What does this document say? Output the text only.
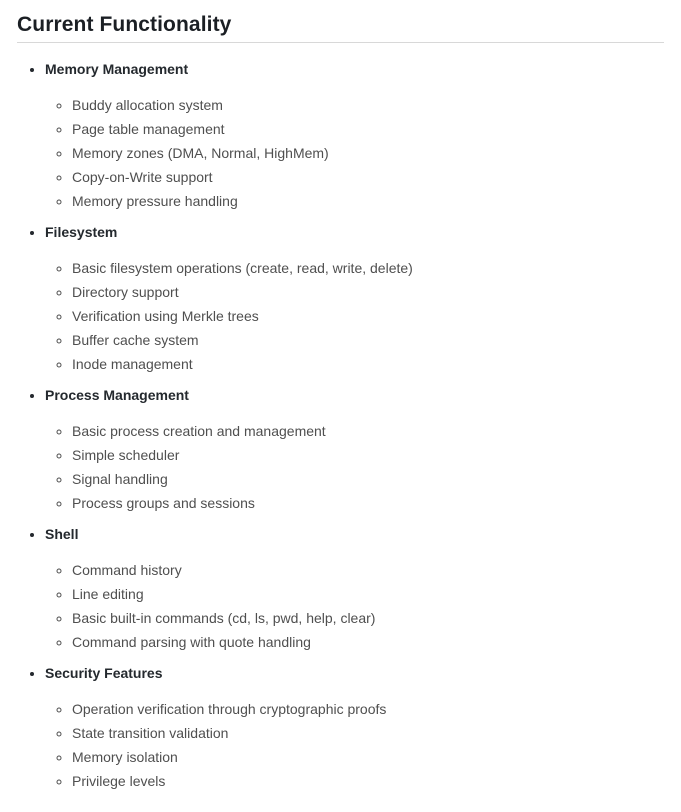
Current Functionality
• Memory Management
◦ Buddy allocation system
◦ Page table management
◦ Memory zones (DMA, Normal, HighMem)
◦ Copy-on-Write support
◦ Memory pressure handling
• Filesystem
◦ Basic filesystem operations (create, read, write, delete)
◦ Directory support
◦ Verification using Merkle trees
◦ Buffer cache system
◦ Inode management
• Process Management
◦ Basic process creation and management
◦ Simple scheduler
◦ Signal handling
◦ Process groups and sessions
• Shell
◦ Command history
◦ Line editing
◦ Basic built-in commands (cd, ls, pwd, help, clear)
◦ Command parsing with quote handling
• Security Features
◦ Operation verification through cryptographic proofs
◦ State transition validation
◦ Memory isolation
◦ Privilege levels
